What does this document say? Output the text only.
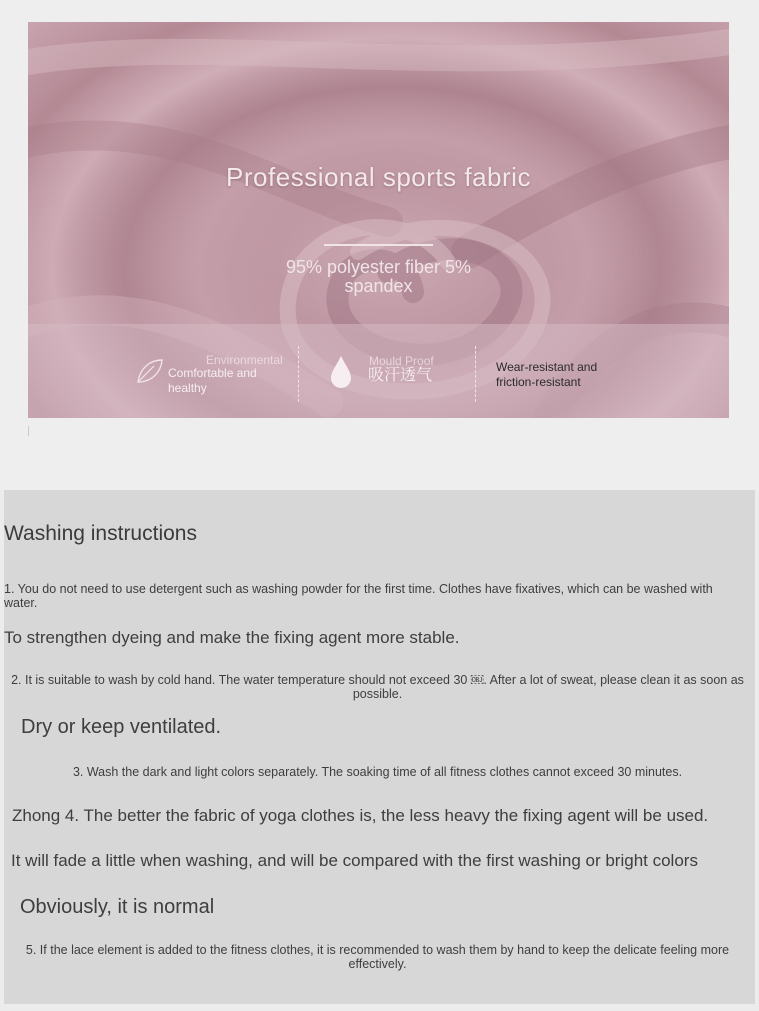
Professional sports fabric
95% polyester fiber 5% spandex
Environmental
Comfortable and healthy
Mould Proof
吸汗透气	Wear-resistant and friction-resistant
Washing instructions
1. You do not need to use detergent such as washing powder for the first time. Clothes have fixatives, which can be washed with water.
To strengthen dyeing and make the fixing agent more stable.
2. It is suitable to wash by cold hand. The water temperature should not exceed 30 ￼. After a lot of sweat, please clean it as soon as possible.
Dry or keep ventilated.
3. Wash the dark and light colors separately. The soaking time of all fitness clothes cannot exceed 30 minutes.
Zhong 4. The better the fabric of yoga clothes is, the less heavy the fixing agent will be used.
It will fade a little when washing, and will be compared with the first washing or bright colors
Obviously, it is normal
5. If the lace element is added to the fitness clothes, it is recommended to wash them by hand to keep the delicate feeling more effectively.
